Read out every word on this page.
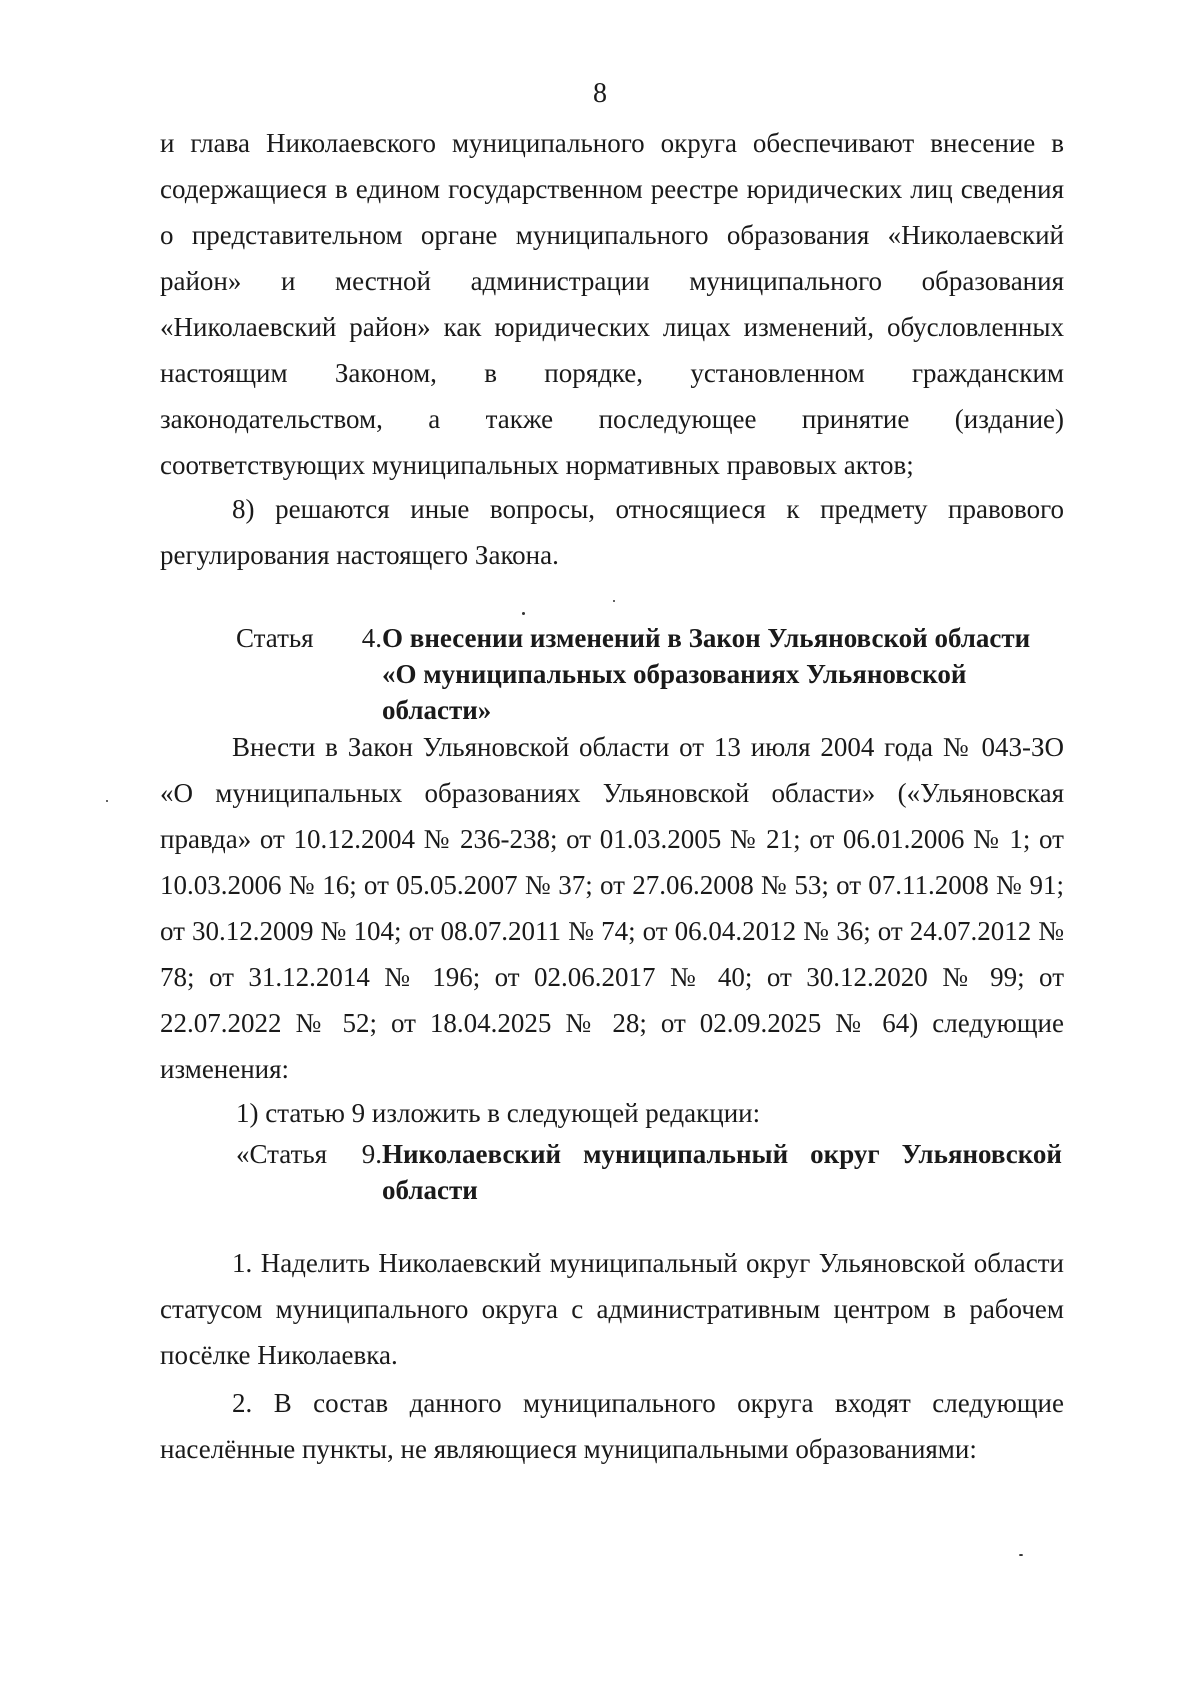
8

и глава Николаевского муниципального округа обеспечивают внесение в содержащиеся в едином государственном реестре юридических лиц сведения о представительном органе муниципального образования «Николаевский район» и местной администрации муниципального образования «Николаевский район» как юридических лицах изменений, обусловленных настоящим Законом, в порядке, установленном гражданским законодательством, а также последующее принятие (издание) соответствующих муниципальных нормативных правовых актов;

8) решаются иные вопросы, относящиеся к предмету правового регулирования настоящего Закона.

Статья 4.О внесении изменений в Закон Ульяновской области

«О муниципальных образованиях Ульяновской области»

Внести в Закон Ульяновской области от 13 июля 2004 года № 043-ЗО «О муниципальных образованиях Ульяновской области» («Ульяновская правда» от 10.12.2004 № 236-238; от 01.03.2005 № 21; от 06.01.2006 № 1; от 10.03.2006 № 16; от 05.05.2007 № 37; от 27.06.2008 № 53; от 07.11.2008 № 91; от 30.12.2009 № 104; от 08.07.2011 № 74; от 06.04.2012 № 36; от 24.07.2012 № 78; от 31.12.2014 № 196; от 02.06.2017 № 40; от 30.12.2020 № 99; от 22.07.2022 № 52; от 18.04.2025 № 28; от 02.09.2025 № 64) следующие изменения:

1) статью 9 изложить в следующей редакции:
«Статья 9.Николаевский муниципальный округ Ульяновской области

1. Наделить Николаевский муниципальный округ Ульяновской области статусом муниципального округа с административным центром в рабочем посёлке Николаевка.

2. В состав данного муниципального округа входят следующие населённые пункты, не являющиеся муниципальными образованиями:
